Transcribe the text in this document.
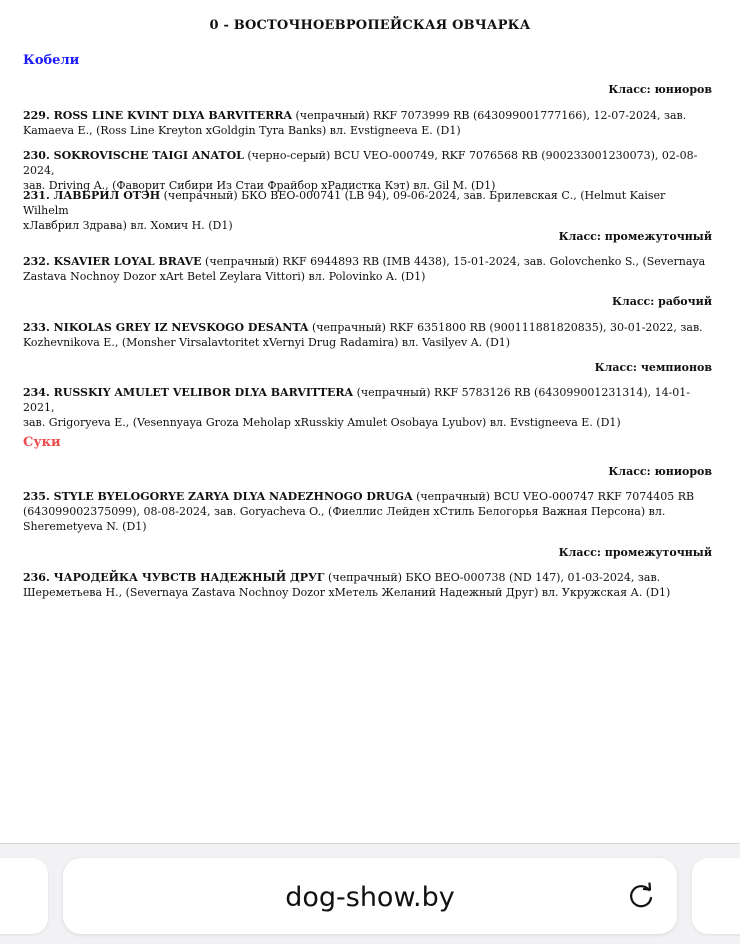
0 - ВОСТОЧНОЕВРОПЕЙСКАЯ ОВЧАРКА
Кобели
Класс: юниоров
229. ROSS LINE KVINT DLYA BARVITERRA (чепрачный) RKF 7073999 RB (643099001777166), 12-07-2024, зав.
Kamaeva E., (Ross Line Kreyton xGoldgin Tyra Banks) вл. Evstigneeva E. (D1)
230. SOKROVISCHE TAIGI ANATOL (черно-серый) BCU VEO-000749, RKF 7076568 RB (900233001230073), 02-08-2024,
зав. Driving A., (Фаворит Сибири Из Стаи Фрайбор xРадистка Кэт) вл. Gil M. (D1)
231. ЛАВБРИЛ ОТЭН (чепрачный) БКО ВЕО-000741 (LB 94), 09-06-2024, зав. Брилевская С., (Helmut Kaiser Wilhelm
xЛавбрил Здрава) вл. Хомич Н. (D1)
Класс: промежуточный
232. KSAVIER LOYAL BRAVE (чепрачный) RKF 6944893 RB (IMB 4438), 15-01-2024, зав. Golovchenko S., (Severnaya
Zastava Nochnoy Dozor xArt Betel Zeylara Vittori) вл. Polovinko A. (D1)
Класс: рабочий
233. NIKOLAS GREY IZ NEVSKOGO DESANTA (чепрачный) RKF 6351800 RB (900111881820835), 30-01-2022, зав.
Kozhevnikova E., (Monsher Virsalavtoritet xVernyi Drug Radamira) вл. Vasilyev A. (D1)
Класс: чемпионов
234. RUSSKIY AMULET VELIBOR DLYA BARVITTERA (чепрачный) RKF 5783126 RB (643099001231314), 14-01-2021,
зав. Grigoryeva E., (Vesennyaya Groza Meholap xRusskiy Amulet Osobaya Lyubov) вл. Evstigneeva E. (D1)
Суки
Класс: юниоров
235. STYLE BYELOGORYE ZARYA DLYA NADEZHNOGO DRUGA (чепрачный) BCU VEO-000747 RKF 7074405 RB
(643099002375099), 08-08-2024, зав. Goryacheva O., (Фиеллис Лейден xСтиль Белогорья Важная Персона) вл.
Sheremetyeva N. (D1)
Класс: промежуточный
236. ЧАРОДЕЙКА ЧУВСТВ НАДЕЖНЫЙ ДРУГ (чепрачный) БКО ВЕО-000738 (ND 147), 01-03-2024, зав.
Шереметьева Н., (Severnaya Zastava Nochnoy Dozor xМетель Желаний Надежный Друг) вл. Укружская А. (D1)
dog-show.by
